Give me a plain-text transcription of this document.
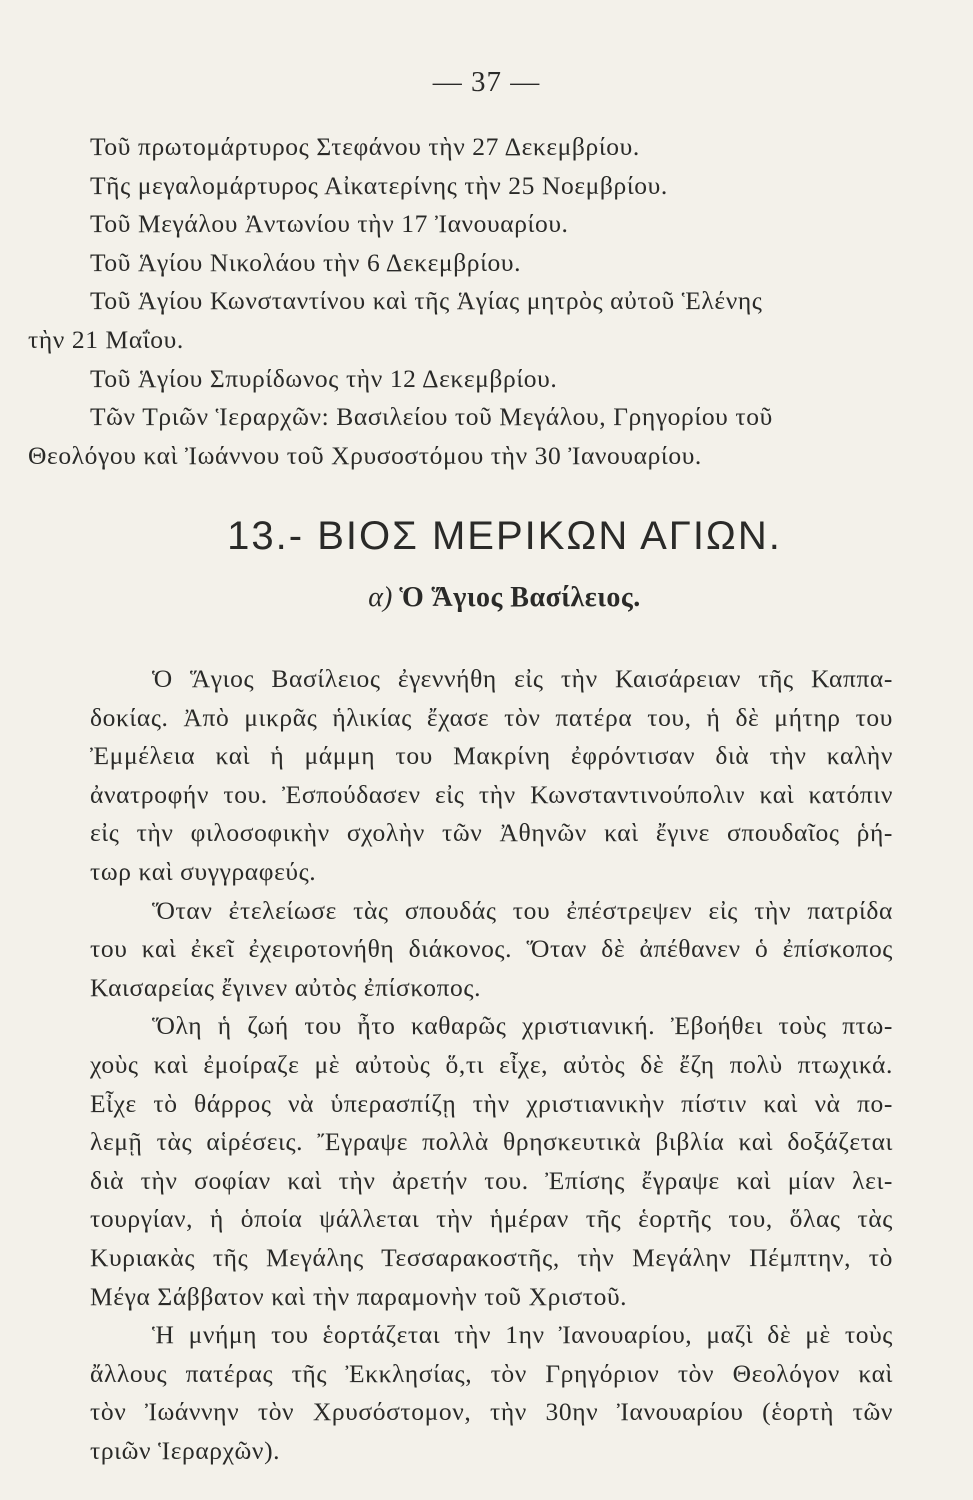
— 37 —
Τοῦ πρωτομάρτυρος Στεφάνου τὴν 27 Δεκεμβρίου.
Τῆς μεγαλομάρτυρος Αἰκατερίνης τὴν 25 Νοεμβρίου.
Τοῦ Μεγάλου Ἀντωνίου τὴν 17 Ἰανουαρίου.
Τοῦ Ἁγίου Νικολάου τὴν 6 Δεκεμβρίου.
Τοῦ Ἁγίου Κωνσταντίνου καὶ τῆς Ἁγίας μητρὸς αὐτοῦ Ἑλένης
τὴν 21 Μαΐου.
Τοῦ Ἁγίου Σπυρίδωνος τὴν 12 Δεκεμβρίου.
Τῶν Τριῶν Ἱεραρχῶν: Βασιλείου τοῦ Μεγάλου, Γρηγορίου τοῦ
Θεολόγου καὶ Ἰωάννου τοῦ Χρυσοστόμου τὴν 30 Ἰανουαρίου.
13.- ΒΙΟΣ ΜΕΡΙΚΩΝ ΑΓΙΩΝ.
α) Ὁ Ἅγιος Βασίλειος.
Ὁ Ἅγιος Βασίλειος ἐγεννήθη εἰς τὴν Καισάρειαν τῆς Καππα-
δοκίας. Ἀπὸ μικρᾶς ἡλικίας ἔχασε τὸν πατέρα του, ἡ δὲ μήτηρ του
Ἐμμέλεια καὶ ἡ μάμμη του Μακρίνη ἐφρόντισαν διὰ τὴν καλὴν
ἀνατροφήν του. Ἐσπούδασεν εἰς τὴν Κωνσταντινούπολιν καὶ κατόπιν
εἰς τὴν φιλοσοφικὴν σχολὴν τῶν Ἀθηνῶν καὶ ἔγινε σπουδαῖος ῥή-
τωρ καὶ συγγραφεύς.
Ὅταν ἐτελείωσε τὰς σπουδάς του ἐπέστρεψεν εἰς τὴν πατρίδα
του καὶ ἐκεῖ ἐχειροτονήθη διάκονος. Ὅταν δὲ ἀπέθανεν ὁ ἐπίσκοπος
Καισαρείας ἔγινεν αὐτὸς ἐπίσκοπος.
Ὅλη ἡ ζωή του ἦτο καθαρῶς χριστιανική. Ἐβοήθει τοὺς πτω-
χοὺς καὶ ἐμοίραζε μὲ αὐτοὺς ὅ,τι εἶχε, αὐτὸς δὲ ἔζη πολὺ πτωχικά.
Εἶχε τὸ θάρρος νὰ ὑπερασπίζῃ τὴν χριστιανικὴν πίστιν καὶ νὰ πο-
λεμῇ τὰς αἱρέσεις. Ἔγραψε πολλὰ θρησκευτικὰ βιβλία καὶ δοξάζεται
διὰ τὴν σοφίαν καὶ τὴν ἀρετήν του. Ἐπίσης ἔγραψε καὶ μίαν λει-
τουργίαν, ἡ ὁποία ψάλλεται τὴν ἡμέραν τῆς ἑορτῆς του, ὅλας τὰς
Κυριακὰς τῆς Μεγάλης Τεσσαρακοστῆς, τὴν Μεγάλην Πέμπτην, τὸ
Μέγα Σάββατον καὶ τὴν παραμονὴν τοῦ Χριστοῦ.
Ἡ μνήμη του ἑορτάζεται τὴν 1ην Ἰανουαρίου, μαζὶ δὲ μὲ τοὺς
ἄλλους πατέρας τῆς Ἐκκλησίας, τὸν Γρηγόριον τὸν Θεολόγον καὶ
τὸν Ἰωάννην τὸν Χρυσόστομον, τὴν 30ην Ἰανουαρίου (ἑορτὴ τῶν
τριῶν Ἱεραρχῶν).
